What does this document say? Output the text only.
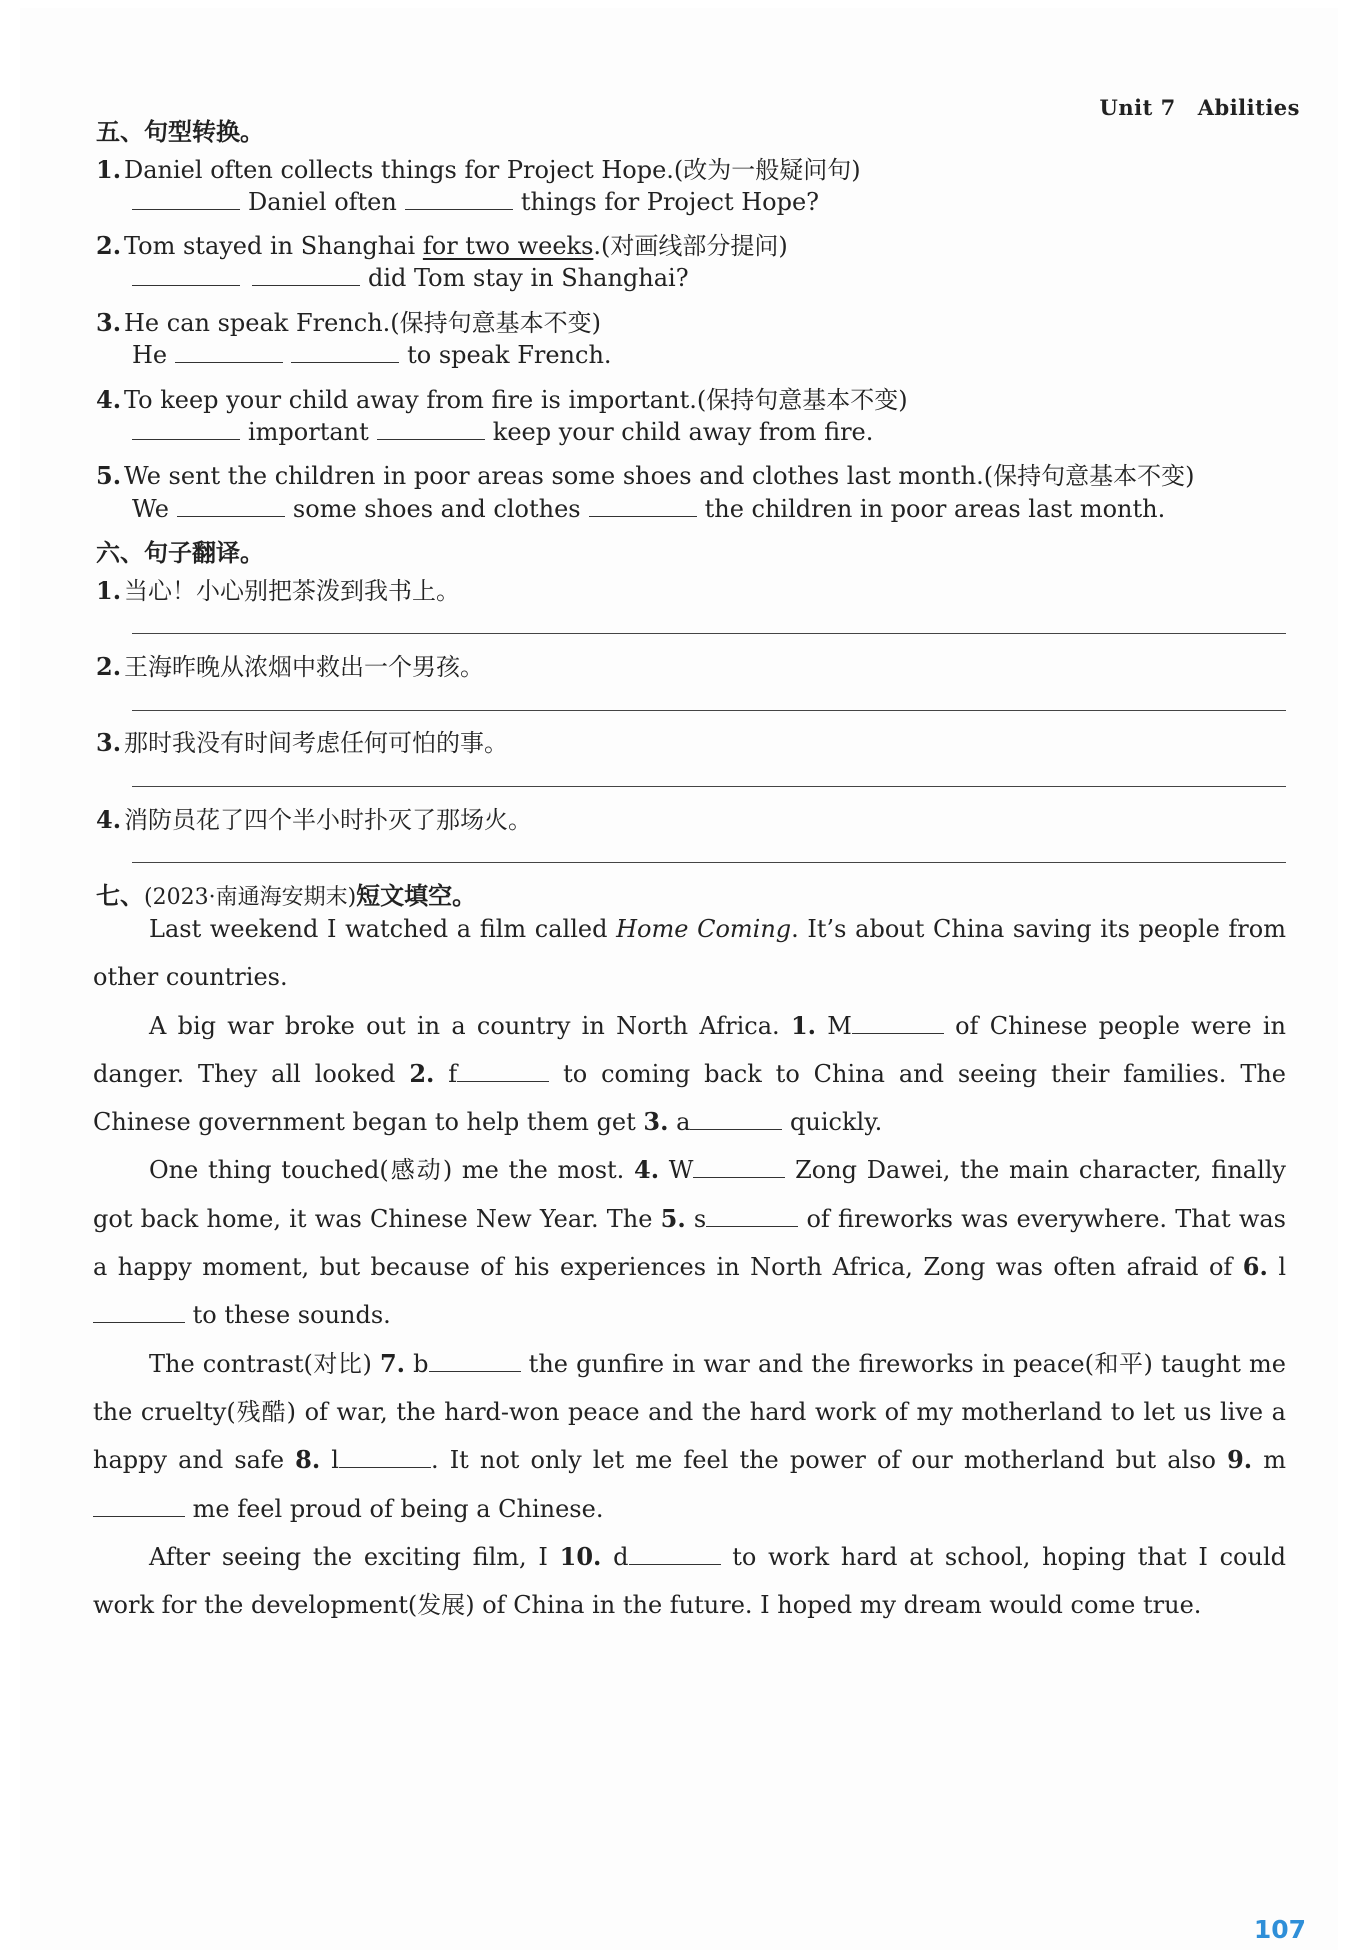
Unit 7 Abilities
五、句型转换。
1. Daniel often collects things for Project Hope.(改为一般疑问句)
Daniel often	things for Project Hope?
2. Tom stayed in Shanghai for two weeks.(对画线部分提问)
did Tom stay in Shanghai?
3. He can speak French.(保持句意基本不变)
He	to speak French.
4. To keep your child away from fire is important.(保持句意基本不变)
important	keep your child away from fire.
5. We sent the children in poor areas some shoes and clothes last month.(保持句意基本不变)
We	some shoes and clothes	the children in poor areas last month.
六、句子翻译。
1. 当心！小心别把茶泼到我书上。
2. 王海昨晚从浓烟中救出一个男孩。
3. 那时我没有时间考虑任何可怕的事。
4. 消防员花了四个半小时扑灭了那场火。
七、(2023·南通海安期末)短文填空。

Last weekend I watched a film called Home Coming. It’s about China saving its people from other countries.

A big war broke out in a country in North Africa. 1. M	of Chinese people were in danger. They all looked 2. f	to coming back to China and seeing their families. The Chinese government began to help them get 3. a	quickly.

One thing touched(感动) me the most. 4. W	Zong Dawei, the main character, finally got back home, it was Chinese New Year. The 5. s	of fireworks was everywhere. That was a happy moment, but because of his experiences in North Africa, Zong was often afraid of 6. l to these sounds.

The contrast(对比) 7. b	the gunfire in war and the fireworks in peace(和平) taught me the cruelty(残酷) of war, the hard-won peace and the hard work of my motherland to let us live a happy and safe 8. l	. It not only let me feel the power of our motherland but also 9. m me feel proud of being a Chinese.

After seeing the exciting film, I 10. d	to work hard at school, hoping that I could work for the development(发展) of China in the future. I hoped my dream would come true.

107
